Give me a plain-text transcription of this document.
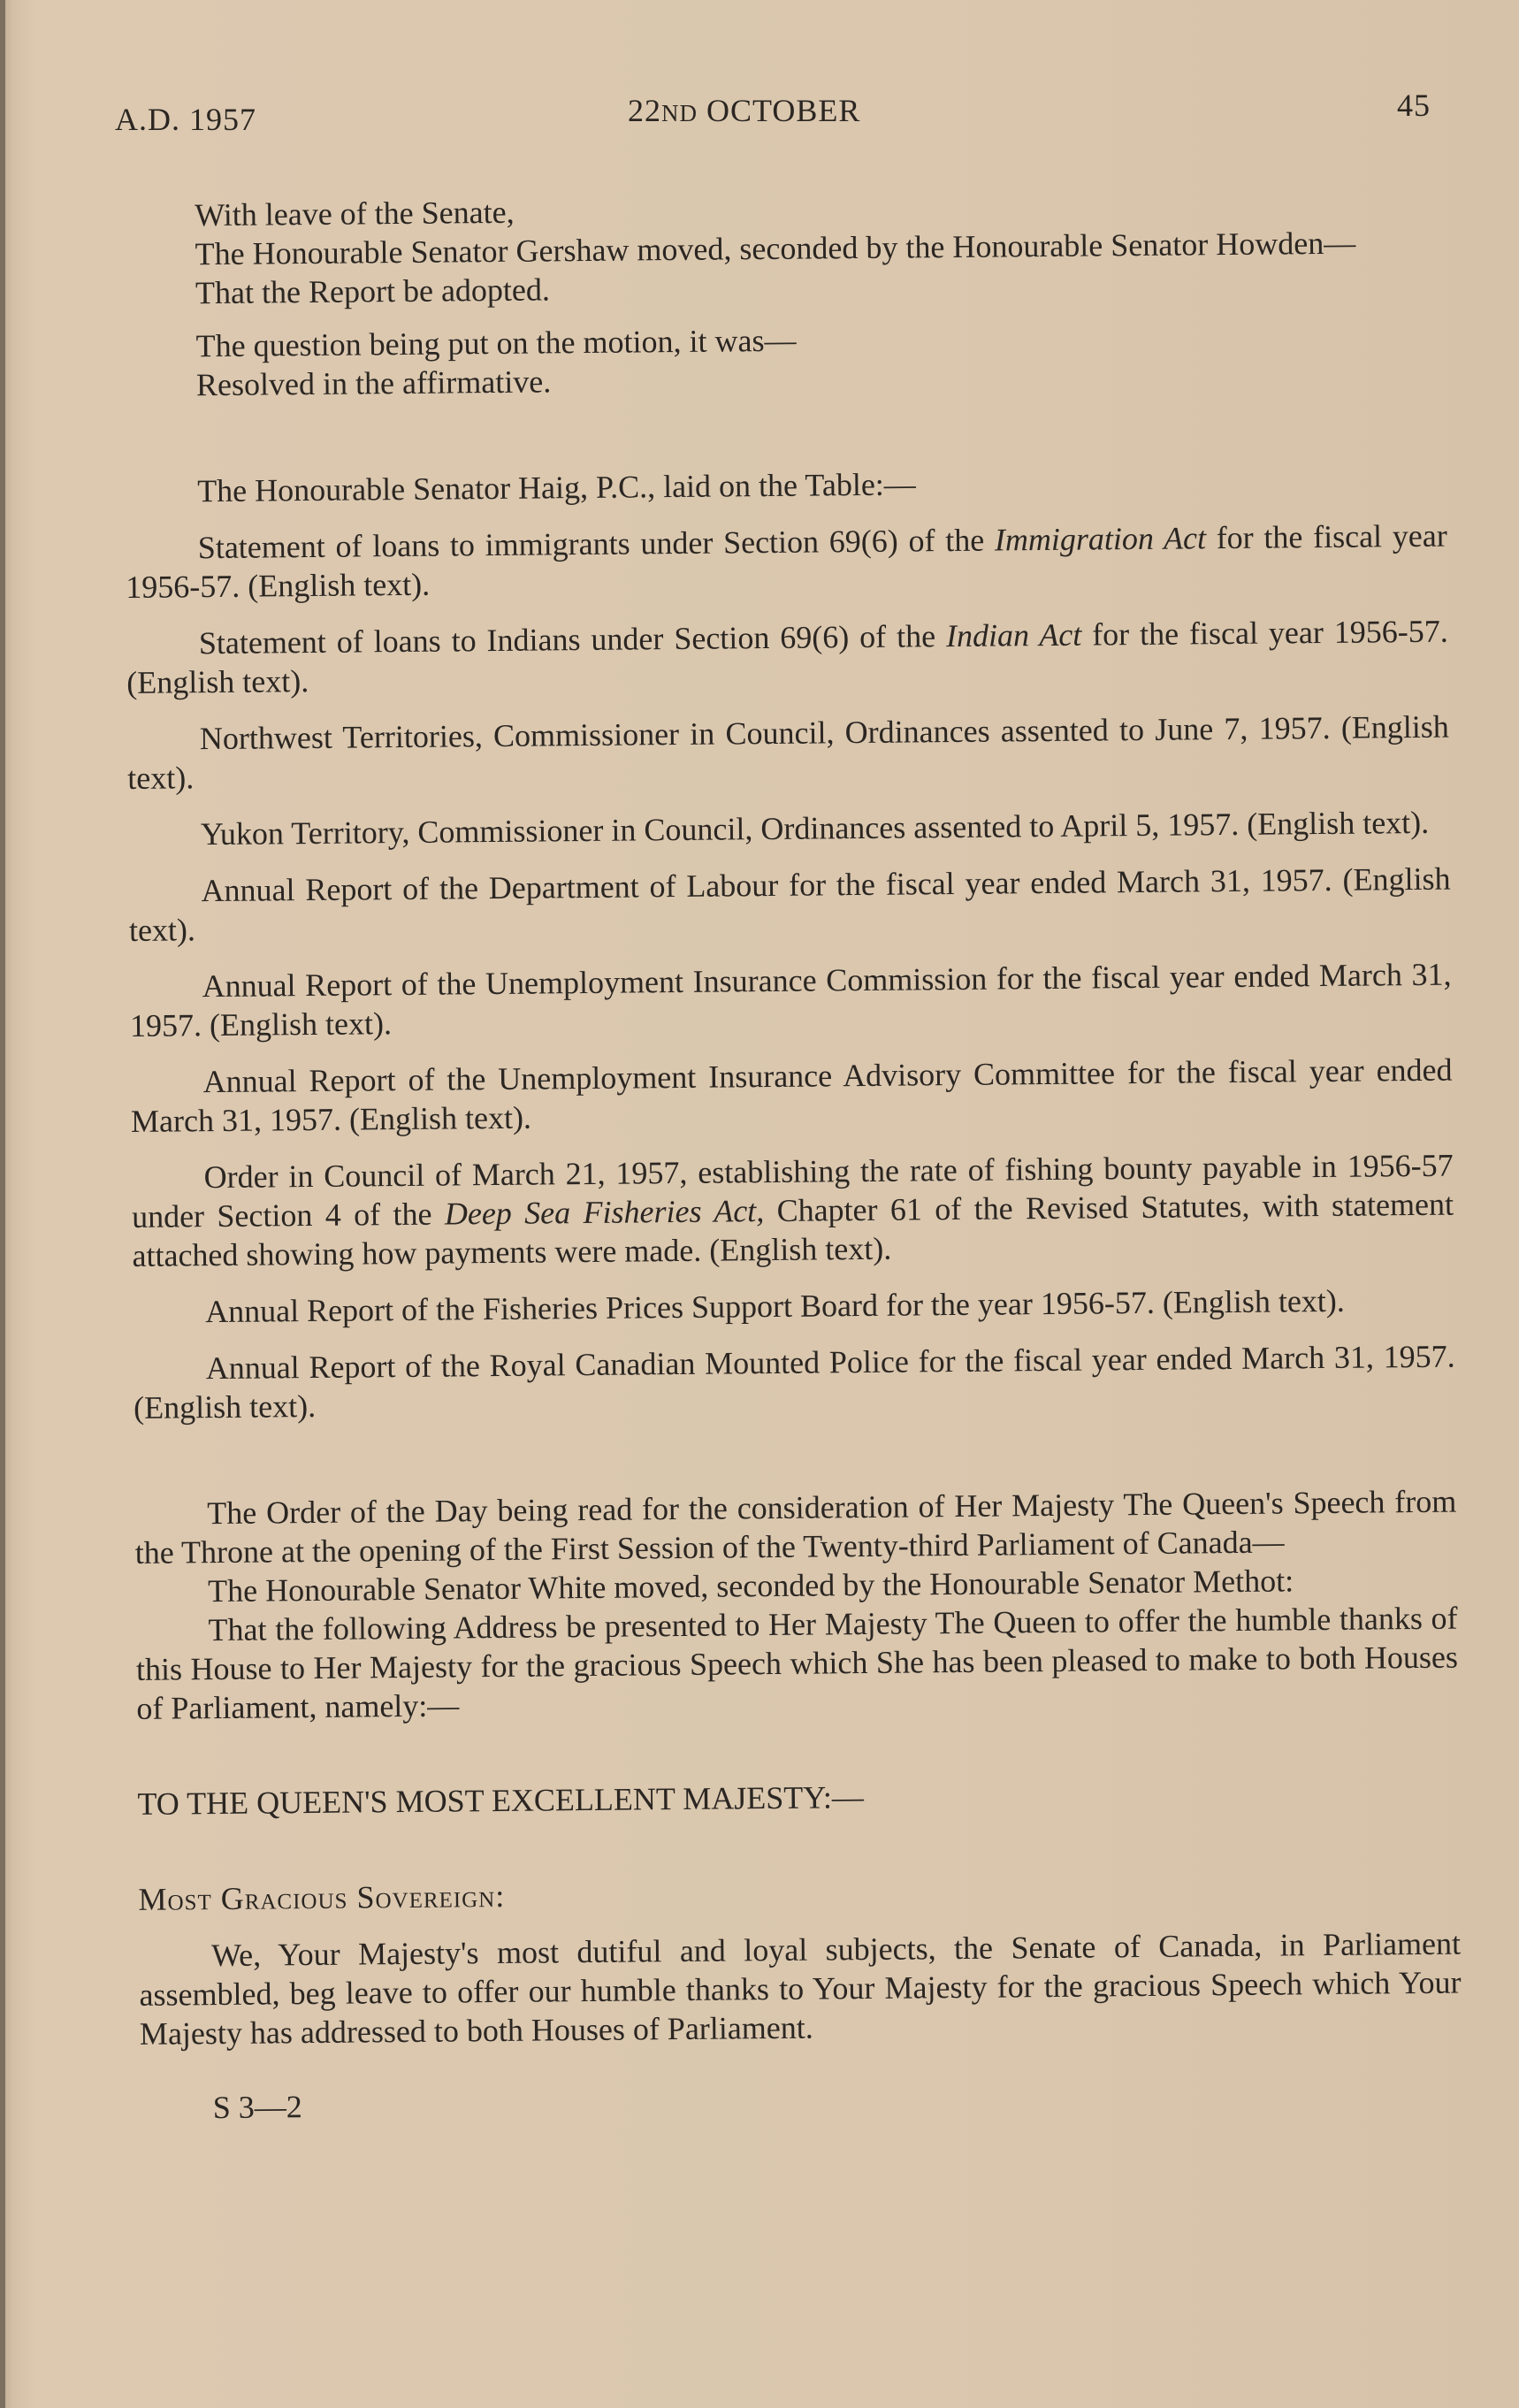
A.D. 1957	22ND OCTOBER	45

With leave of the Senate,

The Honourable Senator Gershaw moved, seconded by the Honourable Senator Howden—

That the Report be adopted.

The question being put on the motion, it was—

Resolved in the affirmative.

The Honourable Senator Haig, P.C., laid on the Table:—

Statement of loans to immigrants under Section 69(6) of the Immigration Act for the fiscal year 1956-57. (English text).

Statement of loans to Indians under Section 69(6) of the Indian Act for the fiscal year 1956-57. (English text).

Northwest Territories, Commissioner in Council, Ordinances assented to June 7, 1957. (English text).

Yukon Territory, Commissioner in Council, Ordinances assented to April 5, 1957. (English text).

Annual Report of the Department of Labour for the fiscal year ended March 31, 1957. (English text).

Annual Report of the Unemployment Insurance Commission for the fiscal year ended March 31, 1957. (English text).

Annual Report of the Unemployment Insurance Advisory Committee for the fiscal year ended March 31, 1957. (English text).

Order in Council of March 21, 1957, establishing the rate of fishing bounty payable in 1956-57 under Section 4 of the Deep Sea Fisheries Act, Chapter 61 of the Revised Statutes, with statement attached showing how payments were made. (English text).

Annual Report of the Fisheries Prices Support Board for the year 1956-57. (English text).

Annual Report of the Royal Canadian Mounted Police for the fiscal year ended March 31, 1957. (English text).

The Order of the Day being read for the consideration of Her Majesty The Queen's Speech from the Throne at the opening of the First Session of the Twenty-third Parliament of Canada—

The Honourable Senator White moved, seconded by the Honourable Senator Methot:

That the following Address be presented to Her Majesty The Queen to offer the humble thanks of this House to Her Majesty for the gracious Speech which She has been pleased to make to both Houses of Parliament, namely:—

TO THE QUEEN'S MOST EXCELLENT MAJESTY:—

Most Gracious Sovereign:

We, Your Majesty's most dutiful and loyal subjects, the Senate of Canada, in Parliament assembled, beg leave to offer our humble thanks to Your Majesty for the gracious Speech which Your Majesty has addressed to both Houses of Parliament.

S 3—2
